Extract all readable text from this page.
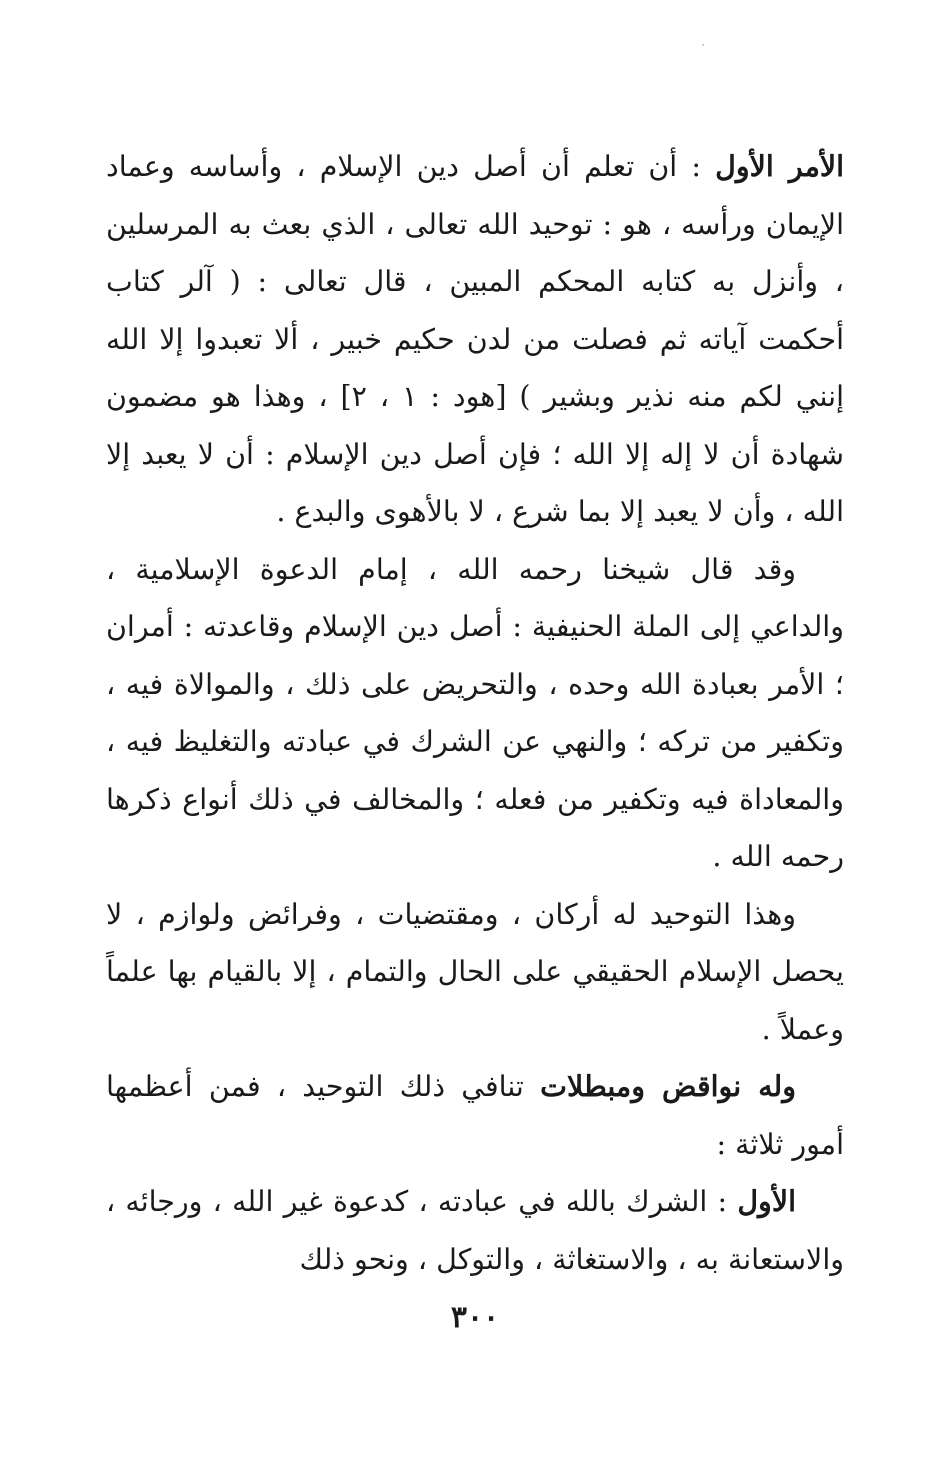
الأمر الأول : أن تعلم أن أصل دين الإسلام ، وأساسه وعماد الإيمان ورأسه ، هو : توحيد الله تعالى ، الذي بعث به المرسلين ، وأنزل به كتابه المحكم المبين ، قال تعالى : ( آلر كتاب أحكمت آياته ثم فصلت من لدن حكيم خبير ، ألا تعبدوا إلا الله إنني لكم منه نذير وبشير ) [هود : ١ ، ٢] ، وهذا هو مضمون شهادة أن لا إله إلا الله ؛ فإن أصل دين الإسلام : أن لا يعبد إلا الله ، وأن لا يعبد إلا بما شرع ، لا بالأهوى والبدع .

وقد قال شيخنا رحمه الله ، إمام الدعوة الإسلامية ، والداعي إلى الملة الحنيفية : أصل دين الإسلام وقاعدته : أمران ؛ الأمر بعبادة الله وحده ، والتحريض على ذلك ، والموالاة فيه ، وتكفير من تركه ؛ والنهي عن الشرك في عبادته والتغليظ فيه ، والمعاداة فيه وتكفير من فعله ؛ والمخالف في ذلك أنواع ذكرها رحمه الله .

وهذا التوحيد له أركان ، ومقتضيات ، وفرائض ولوازم ، لا يحصل الإسلام الحقيقي على الحال والتمام ، إلا بالقيام بها علماً وعملاً .

وله نواقض ومبطلات تنافي ذلك التوحيد ، فمن أعظمها أمور ثلاثة :

الأول : الشرك بالله في عبادته ، كدعوة غير الله ، ورجائه ، والاستعانة به ، والاستغاثة ، والتوكل ، ونحو ذلك

٣٠٠
